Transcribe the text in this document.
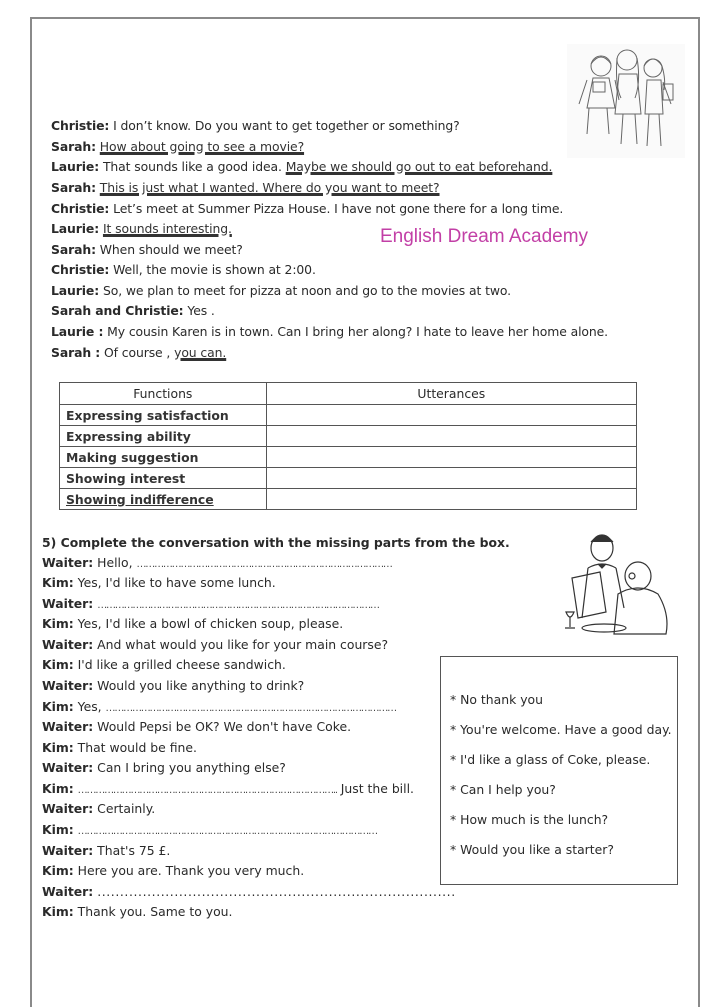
Christie: I don’t know. Do you want to get together or something?
Sarah: How about going to see a movie?
Laurie: That sounds like a good idea. Maybe we should go out to eat beforehand.
Sarah: This is just what I wanted. Where do you want to meet?
Christie: Let’s meet at Summer Pizza House. I have not gone there for a long time.
Laurie: It sounds interesting.	English Dream Academy
Sarah: When should we meet?
Christie: Well, the movie is shown at 2:00.
Laurie: So, we plan to meet for pizza at noon and go to the movies at two.
Sarah and Christie: Yes .
Laurie : My cousin Karen is in town. Can I bring her along? I hate to leave her home alone.
Sarah : Of course , you can.
Functions	Utterances
Expressing satisfaction	
Expressing ability	
Making suggestion	
Showing interest	
Showing indifference	
5) Complete the conversation with the missing parts from the box.
Waiter: Hello, ……………………………………………………………………………
Kim: Yes, I'd like to have some lunch.
Waiter: ……………………………………………………………………………………
Kim: Yes, I'd like a bowl of chicken soup, please.
Waiter: And what would you like for your main course?
Kim: I'd like a grilled cheese sandwich.
Waiter: Would you like anything to drink?
Kim: Yes, ………………………………………………………………………………………
Waiter: Would Pepsi be OK? We don't have Coke.
Kim: That would be fine.
Waiter: Can I bring you anything else?
Kim: …………………………………………………………………………….. Just the bill.
Waiter: Certainly.
Kim: …………………………………………………………………………………………
Waiter: That's 75 £.
Kim: Here you are. Thank you very much.
Waiter: ...............................................................................
Kim: Thank you. Same to you.
* No thank you
* You're welcome. Have a good day.
* I'd like a glass of Coke, please.
* Can I help you?
* How much is the lunch?
* Would you like a starter?
